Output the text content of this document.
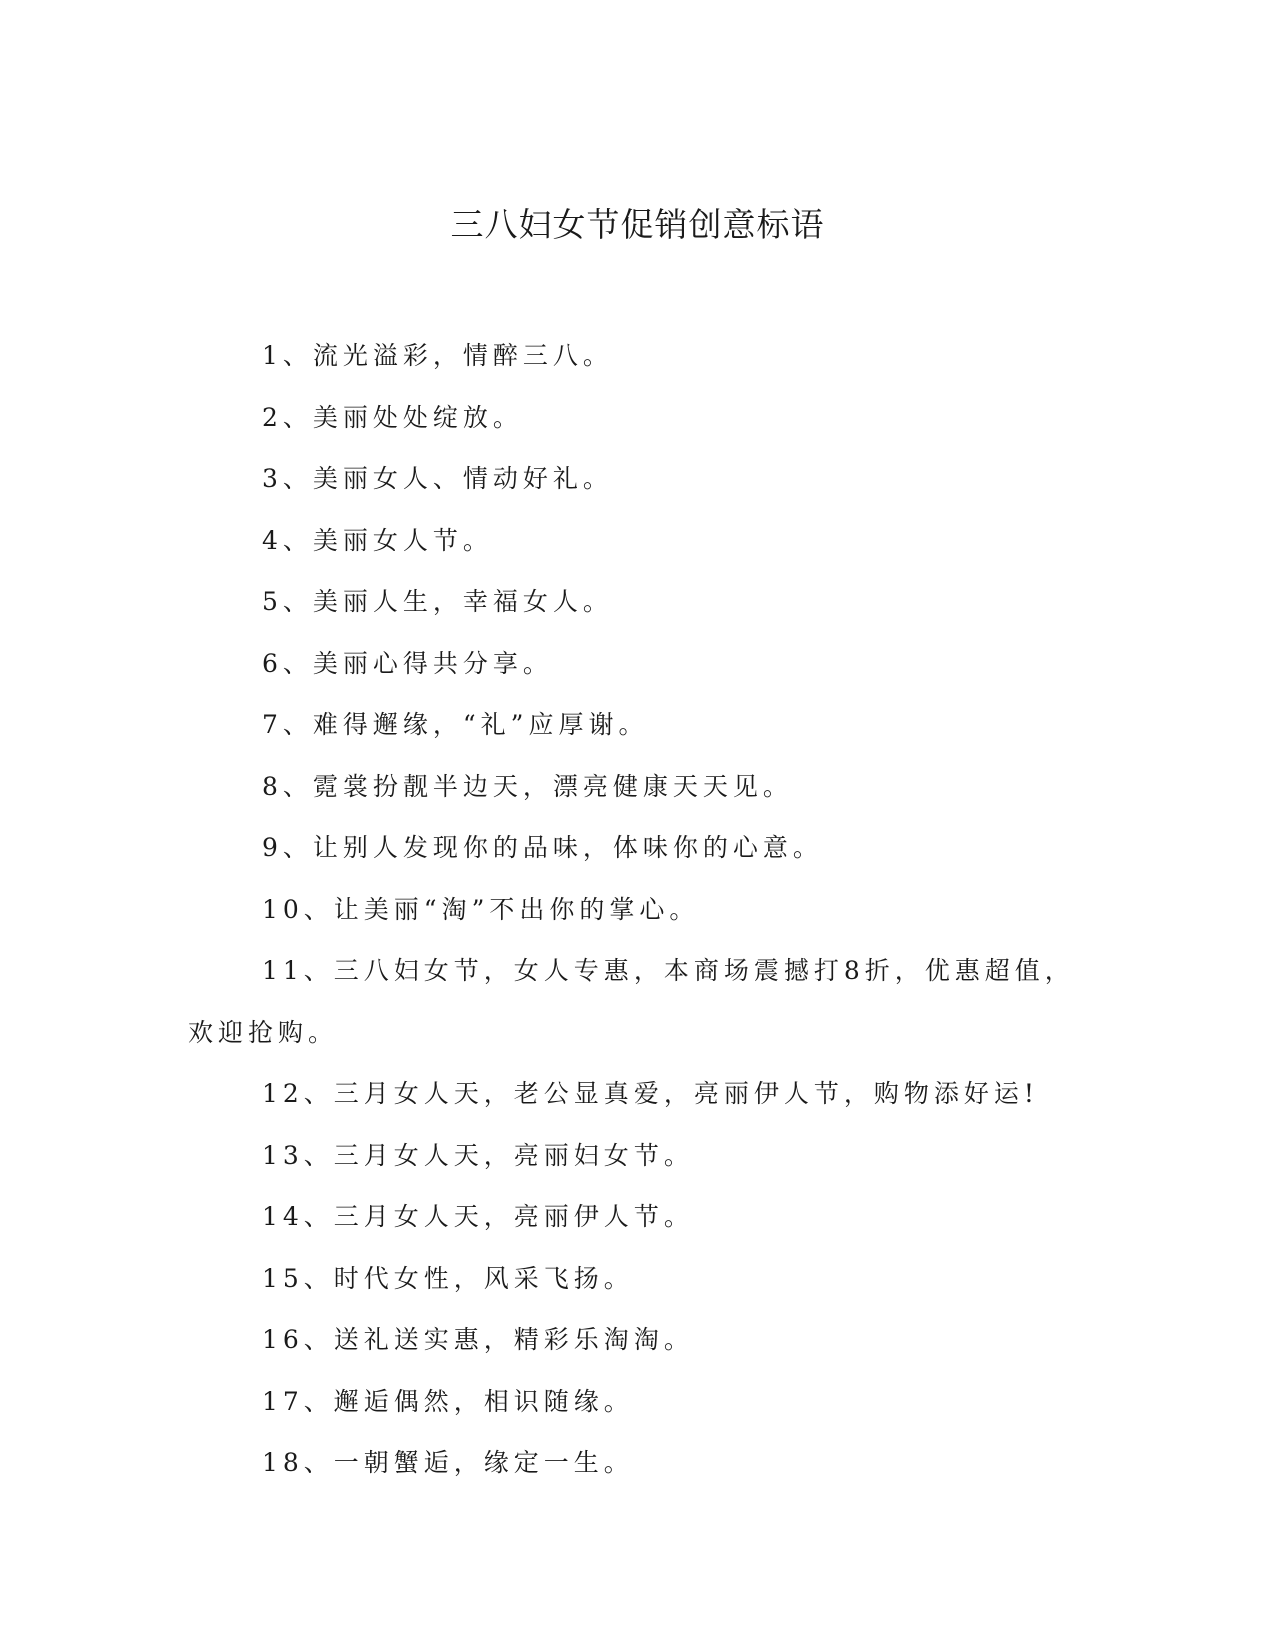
三八妇女节促销创意标语
1、流光溢彩，情醉三八。
2、美丽处处绽放。
3、美丽女人、情动好礼。
4、美丽女人节。
5、美丽人生，幸福女人。
6、美丽心得共分享。
7、难得邂缘，“礼”应厚谢。
8、霓裳扮靓半边天，漂亮健康天天见。
9、让别人发现你的品味，体味你的心意。
10、让美丽“淘”不出你的掌心。
11、三八妇女节，女人专惠，本商场震撼打8折，优惠超值，欢迎抢购。
12、三月女人天，老公显真爱，亮丽伊人节，购物添好运!
13、三月女人天，亮丽妇女节。
14、三月女人天，亮丽伊人节。
15、时代女性，风采飞扬。
16、送礼送实惠，精彩乐淘淘。
17、邂逅偶然，相识随缘。
18、一朝蟹逅，缘定一生。
